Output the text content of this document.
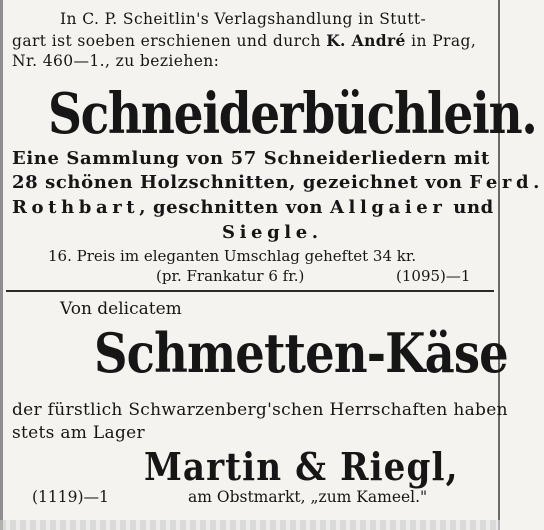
In C. P. Scheitlin's Verlagshandlung in Stutt-
gart ist soeben erschienen und durch K. André in Prag,
Nr. 460—1., zu beziehen:
Schneiderbüchlein.
Eine Sammlung von 57 Schneiderliedern mit
28 schönen Holzschnitten, gezeichnet von Ferd.
Rothbart, geschnitten von Allgaier und
Siegle.
16. Preis im eleganten Umschlag geheftet 34 kr.
(pr. Frankatur 6 fr.)	(1095)—1
Von delicatem
Schmetten-Käse
der fürstlich Schwarzenberg'schen Herrschaften haben
stets am Lager
Martin & Riegl,
(1119)—1	am Obstmarkt, „zum Kameel."
